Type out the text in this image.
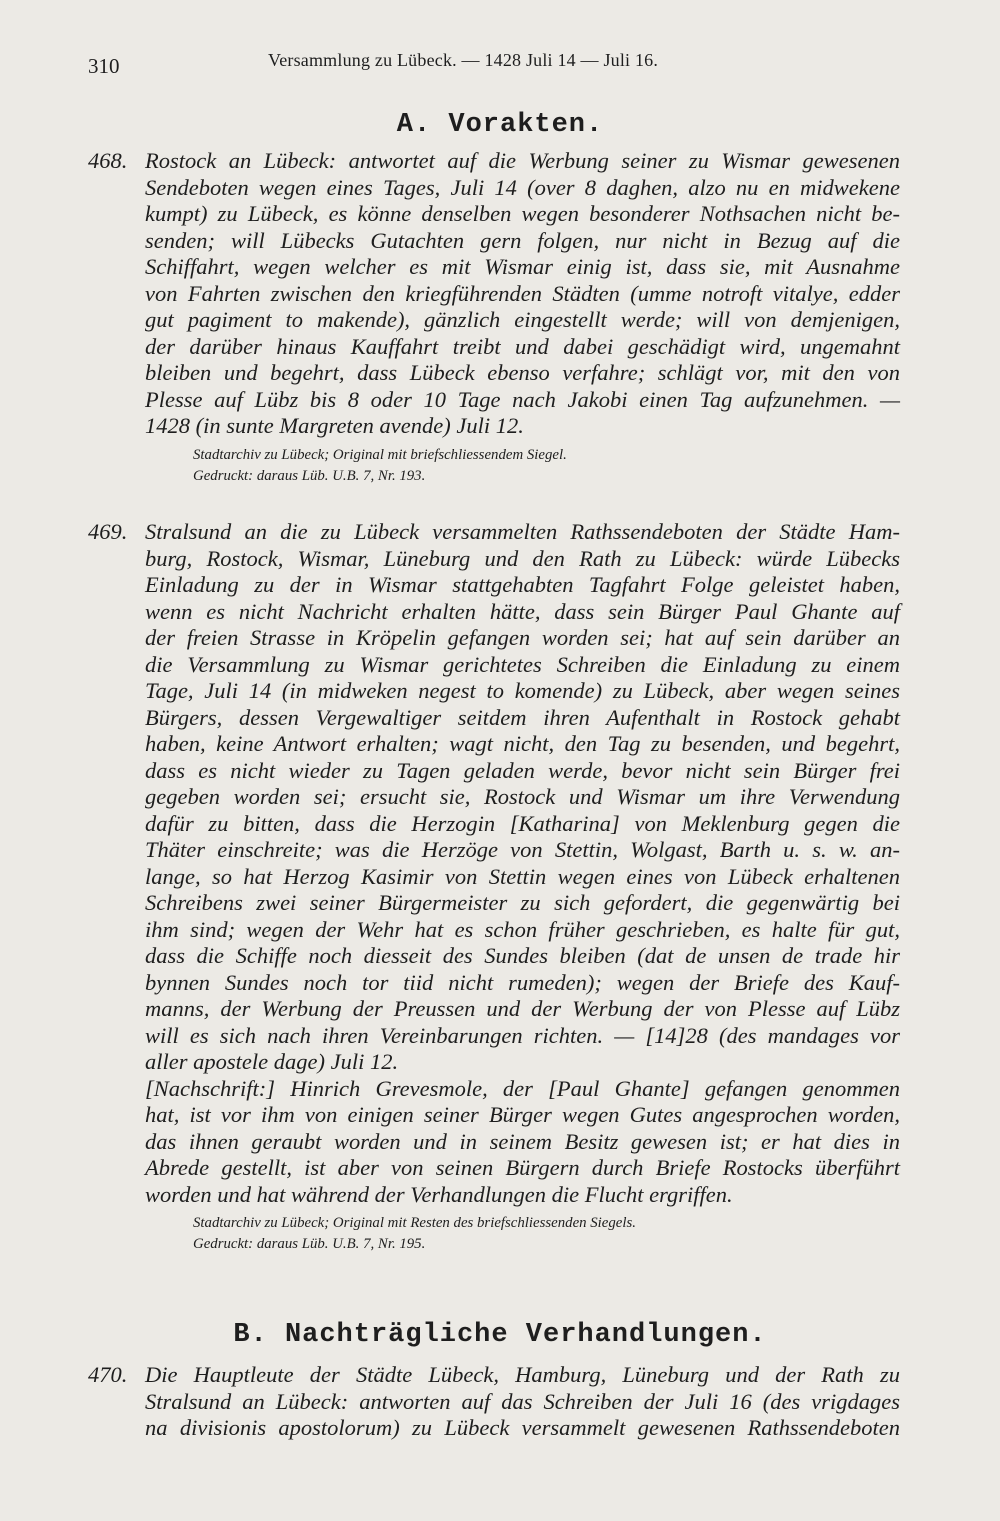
310	Versammlung zu Lübeck. — 1428 Juli 14 — Juli 16.
A. Vorakten.
468. Rostock an Lübeck: antwortet auf die Werbung seiner zu Wismar gewesenen
Sendeboten wegen eines Tages, Juli 14 (over 8 daghen, alzo nu en midwekene
kumpt) zu Lübeck, es könne denselben wegen besonderer Nothsachen nicht be-
senden; will Lübecks Gutachten gern folgen, nur nicht in Bezug auf die
Schiffahrt, wegen welcher es mit Wismar einig ist, dass sie, mit Ausnahme
von Fahrten zwischen den kriegführenden Städten (umme notroft vitalye, edder
gut pagiment to makende), gänzlich eingestellt werde; will von demjenigen,
der darüber hinaus Kauffahrt treibt und dabei geschädigt wird, ungemahnt
bleiben und begehrt, dass Lübeck ebenso verfahre; schlägt vor, mit den von
Plesse auf Lübz bis 8 oder 10 Tage nach Jakobi einen Tag aufzunehmen. —
1428 (in sunte Margreten avende) Juli 12.
Stadtarchiv zu Lübeck; Original mit briefschliessendem Siegel.
Gedruckt: daraus Lüb. U.B. 7, Nr. 193.
469. Stralsund an die zu Lübeck versammelten Rathssendeboten der Städte Ham-
burg, Rostock, Wismar, Lüneburg und den Rath zu Lübeck: würde Lübecks
Einladung zu der in Wismar stattgehabten Tagfahrt Folge geleistet haben,
wenn es nicht Nachricht erhalten hätte, dass sein Bürger Paul Ghante auf
der freien Strasse in Kröpelin gefangen worden sei; hat auf sein darüber an
die Versammlung zu Wismar gerichtetes Schreiben die Einladung zu einem
Tage, Juli 14 (in midweken negest to komende) zu Lübeck, aber wegen seines
Bürgers, dessen Vergewaltiger seitdem ihren Aufenthalt in Rostock gehabt
haben, keine Antwort erhalten; wagt nicht, den Tag zu besenden, und begehrt,
dass es nicht wieder zu Tagen geladen werde, bevor nicht sein Bürger frei
gegeben worden sei; ersucht sie, Rostock und Wismar um ihre Verwendung
dafür zu bitten, dass die Herzogin [Katharina] von Meklenburg gegen die
Thäter einschreite; was die Herzöge von Stettin, Wolgast, Barth u. s. w. an-
lange, so hat Herzog Kasimir von Stettin wegen eines von Lübeck erhaltenen
Schreibens zwei seiner Bürgermeister zu sich gefordert, die gegenwärtig bei
ihm sind; wegen der Wehr hat es schon früher geschrieben, es halte für gut,
dass die Schiffe noch diesseit des Sundes bleiben (dat de unsen de trade hir
bynnen Sundes noch tor tiid nicht rumeden); wegen der Briefe des Kauf-
manns, der Werbung der Preussen und der Werbung der von Plesse auf Lübz
will es sich nach ihren Vereinbarungen richten. — [14]28 (des mandages vor
aller apostele dage) Juli 12.
[Nachschrift:] Hinrich Grevesmole, der [Paul Ghante] gefangen genommen
hat, ist vor ihm von einigen seiner Bürger wegen Gutes angesprochen worden,
das ihnen geraubt worden und in seinem Besitz gewesen ist; er hat dies in
Abrede gestellt, ist aber von seinen Bürgern durch Briefe Rostocks überführt
worden und hat während der Verhandlungen die Flucht ergriffen.
Stadtarchiv zu Lübeck; Original mit Resten des briefschliessenden Siegels.
Gedruckt: daraus Lüb. U.B. 7, Nr. 195.
B. Nachträgliche Verhandlungen.
470. Die Hauptleute der Städte Lübeck, Hamburg, Lüneburg und der Rath zu
Stralsund an Lübeck: antworten auf das Schreiben der Juli 16 (des vrigdages
na divisionis apostolorum) zu Lübeck versammelt gewesenen Rathssendeboten
